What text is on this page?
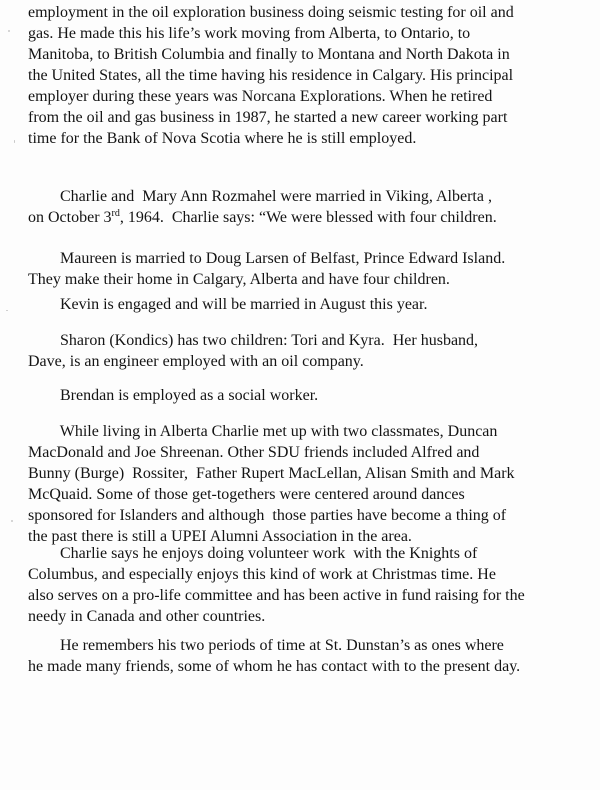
employment in the oil exploration business doing seismic testing for oil and
gas. He made this his life’s work moving from Alberta, to Ontario, to
Manitoba, to British Columbia and finally to Montana and North Dakota in
the United States, all the time having his residence in Calgary. His principal
employer during these years was Norcana Explorations. When he retired
from the oil and gas business in 1987, he started a new career working part
time for the Bank of Nova Scotia where he is still employed.

Charlie and  Mary Ann Rozmahel were married in Viking, Alberta ,
on October 3rd, 1964.  Charlie says: “We were blessed with four children.

Maureen is married to Doug Larsen of Belfast, Prince Edward Island.
They make their home in Calgary, Alberta and have four children.

Kevin is engaged and will be married in August this year.

Sharon (Kondics) has two children: Tori and Kyra.  Her husband,
Dave, is an engineer employed with an oil company.

Brendan is employed as a social worker.

While living in Alberta Charlie met up with two classmates, Duncan
MacDonald and Joe Shreenan. Other SDU friends included Alfred and
Bunny (Burge)  Rossiter,  Father Rupert MacLellan, Alisan Smith and Mark
McQuaid. Some of those get-togethers were centered around dances
sponsored for Islanders and although  those parties have become a thing of
the past there is still a UPEI Alumni Association in the area.

Charlie says he enjoys doing volunteer work  with the Knights of
Columbus, and especially enjoys this kind of work at Christmas time. He
also serves on a pro-life committee and has been active in fund raising for the
needy in Canada and other countries.

He remembers his two periods of time at St. Dunstan’s as ones where
he made many friends, some of whom he has contact with to the present day.
